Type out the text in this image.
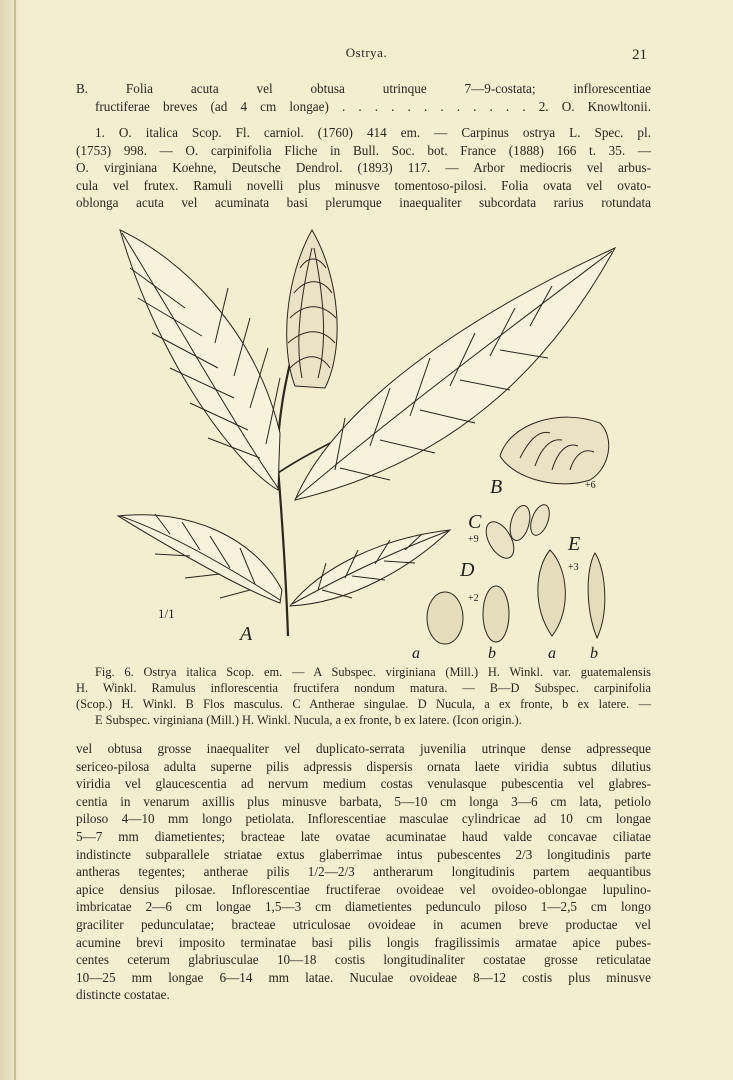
Ostrya.	21
B. Folia acuta vel obtusa utrinque 7—9-costata; inflorescentiae
fructiferae breves (ad 4 cm longae) . . . . . . . . . . . . 2. O. Knowltonii.
1. O. italica Scop. Fl. carniol. (1760) 414 em. — Carpinus ostrya L. Spec. pl.
(1753) 998. — O. carpinifolia Fliche in Bull. Soc. bot. France (1888) 166 t. 35. —
O. virginiana Koehne, Deutsche Dendrol. (1893) 117. — Arbor mediocris vel arbus-
cula vel frutex. Ramuli novelli plus minusve tomentoso-pilosi. Folia ovata vel ovato-
oblonga acuta vel acuminata basi plerumque inaequaliter subcordata rarius rotundata
A
1/1
B	+6
C
+9
D
+2
E
+3
a	b	a b
Fig. 6. Ostrya italica Scop. em. — A Subspec. virginiana (Mill.) H. Winkl. var. guatemalensis
H. Winkl. Ramulus inflorescentia fructifera nondum matura. — B—D Subspec. carpinifolia
(Scop.) H. Winkl. B Flos masculus. C Antherae singulae. D Nucula, a ex fronte, b ex latere. —
E Subspec. virginiana (Mill.) H. Winkl. Nucula, a ex fronte, b ex latere. (Icon origin.).
vel obtusa grosse inaequaliter vel duplicato-serrata juvenilia utrinque dense adpresseque
sericeo-pilosa adulta superne pilis adpressis dispersis ornata laete viridia subtus dilutius
viridia vel glaucescentia ad nervum medium costas venulasque pubescentia vel glabres-
centia in venarum axillis plus minusve barbata, 5—10 cm longa 3—6 cm lata, petiolo
piloso 4—10 mm longo petiolata. Inflorescentiae masculae cylindricae ad 10 cm longae
5—7 mm diametientes; bracteae late ovatae acuminatae haud valde concavae ciliatae
indistincte subparallele striatae extus glaberrimae intus pubescentes 2/3 longitudinis parte
antheras tegentes; antherae pilis 1/2—2/3 antherarum longitudinis partem aequantibus
apice densius pilosae. Inflorescentiae fructiferae ovoideae vel ovoideo-oblongae lupulino-
imbricatae 2—6 cm longae 1,5—3 cm diametientes pedunculo piloso 1—2,5 cm longo
graciliter pedunculatae; bracteae utriculosae ovoideae in acumen breve productae vel
acumine brevi imposito terminatae basi pilis longis fragilissimis armatae apice pubes-
centes ceterum glabriusculae 10—18 costis longitudinaliter costatae grosse reticulatae
10—25 mm longae 6—14 mm latae. Nuculae ovoideae 8—12 costis plus minusve
distincte costatae.
